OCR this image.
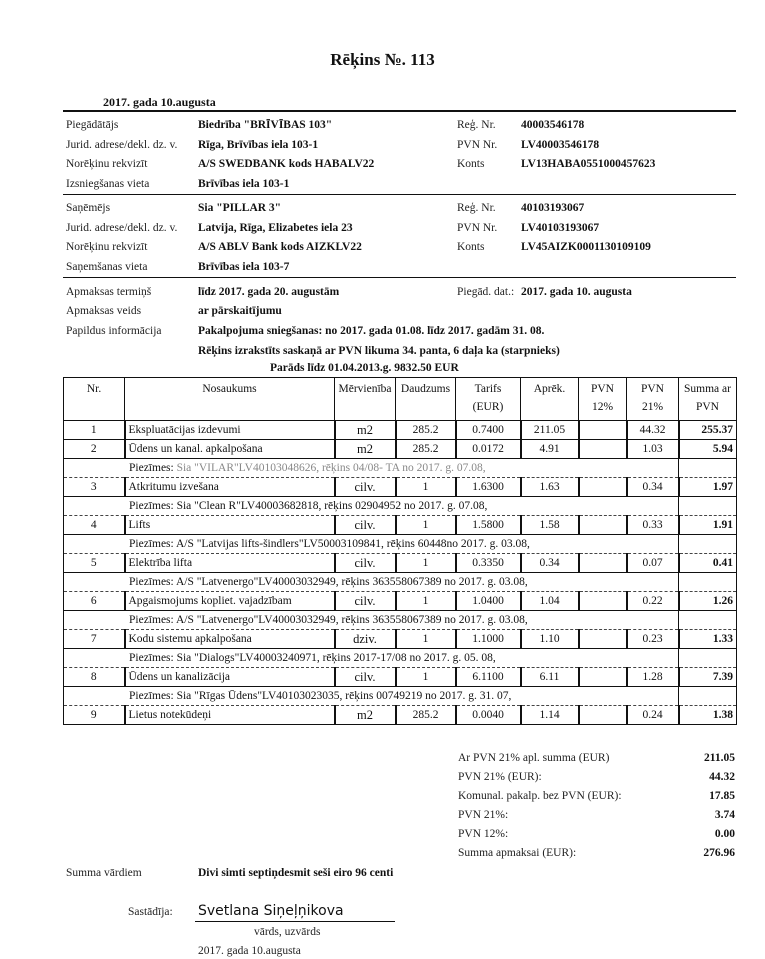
Rēķins №. 113
2017. gada 10.augusta
Piegādātājs	Biedrība "BRĪVĪBAS 103"	Reģ. Nr. 40003546178
Jurid. adrese/dekl. dz. v. Rīga, Brīvības iela 103-1	PVN Nr. LV40003546178
Norēķinu rekvizīt	A/S SWEDBANK kods HABALV22	Konts	LV13HABA0551000457623
Izsniegšanas vieta	Brīvības iela 103-1
Saņēmējs	Sia "PILLAR 3"	Reģ. Nr. 40103193067
Jurid. adrese/dekl. dz. v. Latvija, Rīga, Elizabetes iela 23	PVN Nr. LV40103193067
Norēķinu rekvizīt	A/S ABLV Bank kods AIZKLV22	Konts	LV45AIZK0001130109109
Saņemšanas vieta	Brīvības iela 103-7
Apmaksas termiņš	līdz 2017. gada 20. augustām	Piegād. dat.: 2017. gada 10. augusta
Apmaksas veids	ar pārskaitījumu
Papildus informācija	Pakalpojuma sniegšanas: no 2017. gada 01.08. līdz 2017. gadām 31. 08.
Rēķins izrakstīts saskaņā ar PVN likuma 34. panta, 6 daļa ka (starpnieks)
Parāds līdz 01.04.2013.g. 9832.50 EUR
Nr.	Nosaukums	Mērvienība	Daudzums	Tarifs (EUR)	Aprēk.	PVN 12%	PVN 21%	Summa ar PVN
1	Ekspluatācijas izdevumi	m2	285.2	0.7400	211.05		44.32	255.37
2	Ūdens un kanal. apkalpošana	m2	285.2	0.0172	4.91		1.03	5.94
Piezīmes: Sia "VILAR"LV40103048626, rēķins 04/08- TA no 2017. g. 07.08,								
3	Atkritumu izvešana	cilv.	1	1.6300	1.63		0.34	1.97
Piezīmes: Sia "Clean R"LV40003682818, rēķins 02904952 no 2017. g. 07.08,								
4	Lifts	cilv.	1	1.5800	1.58		0.33	1.91
Piezīmes: A/S "Latvijas lifts-šindlers"LV50003109841, rēķins 60448no 2017. g. 03.08,								
5	Elektrība lifta	cilv.	1	0.3350	0.34		0.07	0.41
Piezīmes: A/S "Latvenergo"LV40003032949, rēķins 363558067389 no 2017. g. 03.08,								
6	Apgaismojums kopliet. vajadzībam	cilv.	1	1.0400	1.04		0.22	1.26
Piezīmes: A/S "Latvenergo"LV40003032949, rēķins 363558067389 no 2017. g. 03.08,								
7	Kodu sistemu apkalpošana	dziv.	1	1.1000	1.10		0.23	1.33
Piezīmes: Sia "Dialogs"LV40003240971, rēķins 2017-17/08 no 2017. g. 05. 08,								
8	Ūdens un kanalizācija	cilv.	1	6.1100	6.11		1.28	7.39
Piezīmes: Sia "Rīgas Ūdens"LV40103023035, rēķins 00749219 no 2017. g. 31. 07,								
9	Lietus notekūdeņi	m2	285.2	0.0040	1.14		0.24	1.38
Ar PVN 21% apl. summa (EUR)	211.05
PVN 21% (EUR):	44.32
Komunal. pakalp. bez PVN (EUR):	17.85
PVN 21%:	3.74
PVN 12%:	0.00
Summa apmaksai (EUR):	276.96
Summa vārdiem	Divi simti septiņdesmit seši eiro 96 centi
Sastādīja: Svetlana Siņeļņikova
vārds, uzvārds
2017. gada 10.augusta
